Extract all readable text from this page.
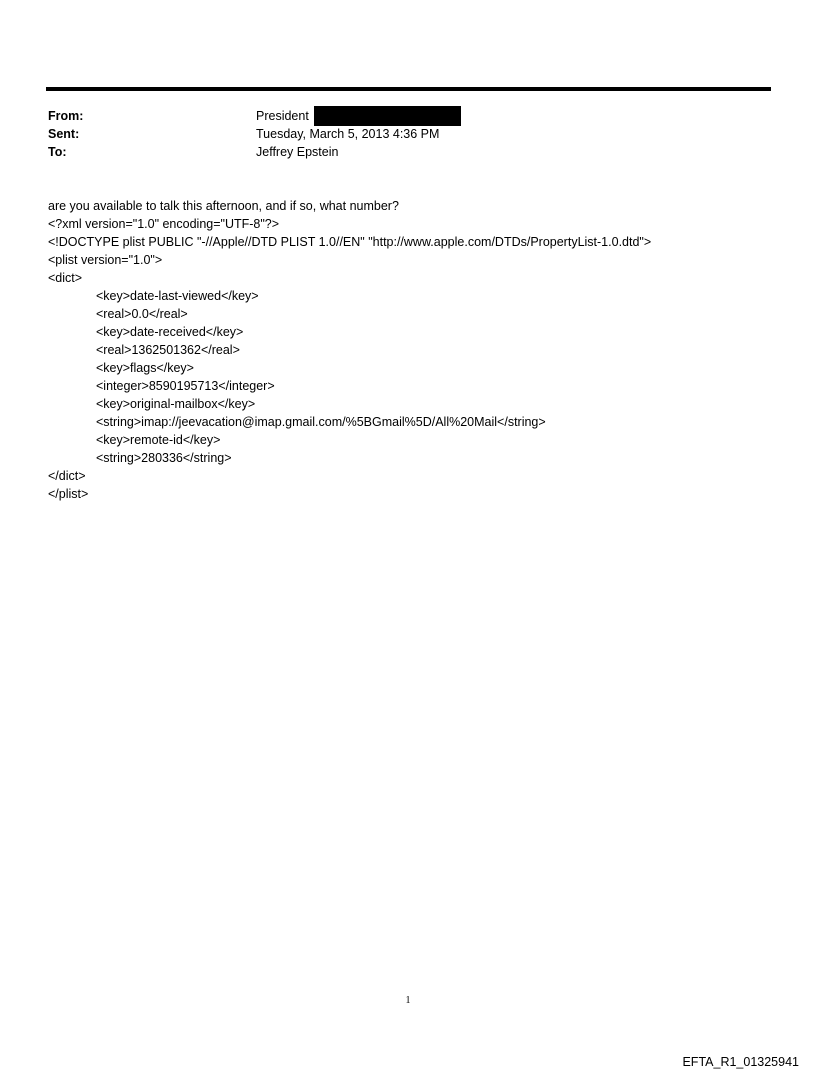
From:	President
Sent:	Tuesday, March 5, 2013 4:36 PM
To:	Jeffrey Epstein
are you available to talk this afternoon, and if so, what number?
<?xml version="1.0" encoding="UTF-8"?>
<!DOCTYPE plist PUBLIC "-//Apple//DTD PLIST 1.0//EN" "http://www.apple.com/DTDs/PropertyList-1.0.dtd">
<plist version="1.0">
<dict>
<key>date-last-viewed</key>
<real>0.0</real>
<key>date-received</key>
<real>1362501362</real>
<key>flags</key>
<integer>8590195713</integer>
<key>original-mailbox</key>
<string>imap://jeevacation@imap.gmail.com/%5BGmail%5D/All%20Mail</string>
<key>remote-id</key>
<string>280336</string>
</dict>
</plist>
1
EFTA_R1_01325941
